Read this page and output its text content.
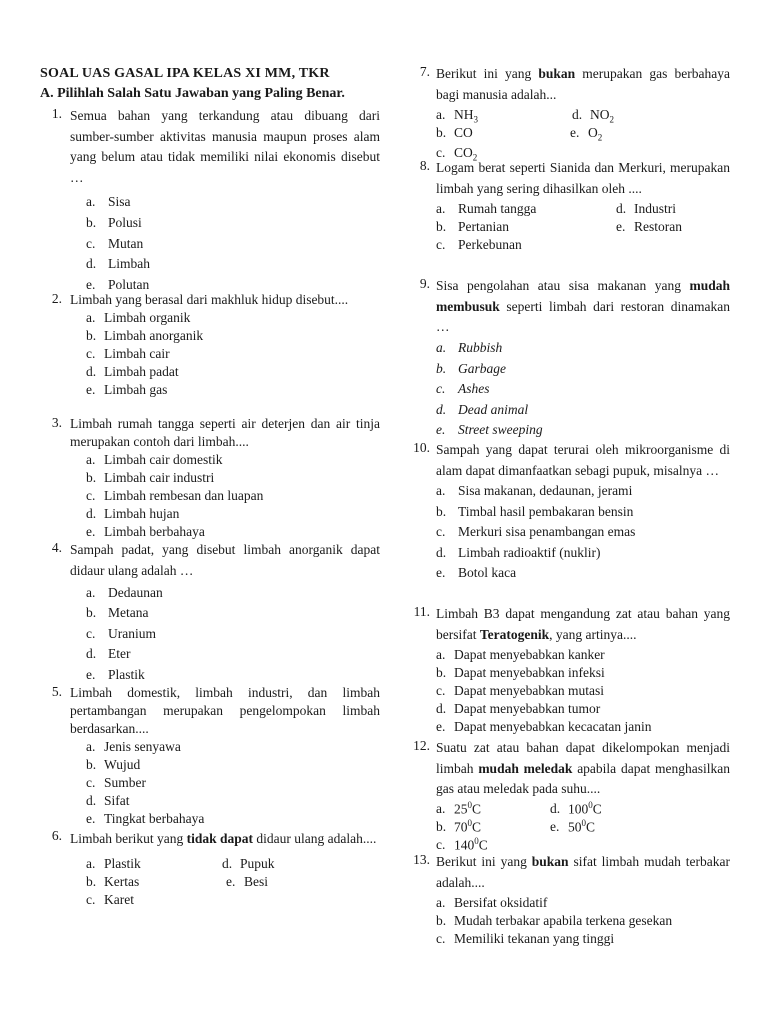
SOAL UAS GASAL IPA KELAS XI MM, TKR
A. Pilihlah Salah Satu Jawaban yang Paling Benar.
1. Semua bahan yang terkandung atau dibuang dari sumber-sumber aktivitas manusia maupun proses alam yang belum atau tidak memiliki nilai ekonomis disebut …
a. Sisa
b. Polusi
c. Mutan
d. Limbah
e. Polutan
2. Limbah yang berasal dari makhluk hidup disebut....
a. Limbah organik
b. Limbah anorganik
c. Limbah cair
d. Limbah padat
e. Limbah gas
3. Limbah rumah tangga seperti air deterjen dan air tinja merupakan contoh dari limbah....
a. Limbah cair domestik
b. Limbah cair industri
c. Limbah rembesan dan luapan
d. Limbah hujan
e. Limbah berbahaya
4. Sampah padat, yang disebut limbah anorganik dapat didaur ulang adalah …
a. Dedaunan
b. Metana
c. Uranium
d. Eter
e. Plastik
5. Limbah domestik, limbah industri, dan limbah pertambangan merupakan pengelompokan limbah berdasarkan....
a. Jenis senyawa
b. Wujud
c. Sumber
d. Sifat
e. Tingkat berbahaya
6. Limbah berikut yang tidak dapat didaur ulang adalah....
a. Plastik
b. Kertas
c. Karet
d. Pupuk
e. Besi
7. Berikut ini yang bukan merupakan gas berbahaya bagi manusia adalah...
a. $NH_3$
b. CO
c. $CO_2$
d. $NO_2$
e. $O_2$
8. Logam berat seperti Sianida dan Merkuri, merupakan limbah yang sering dihasilkan oleh ....
a. Rumah tangga
b. Pertanian
c. Perkebunan
d. Industri
e. Restoran
9. Sisa pengolahan atau sisa makanan yang mudah membusuk seperti limbah dari restoran dinamakan …
a. Rubbish
b. Garbage
c. Ashes
d. Dead animal
e. Street sweeping
10. Sampah yang dapat terurai oleh mikroorganisme di alam dapat dimanfaatkan sebagi pupuk, misalnya …
a. Sisa makanan, dedaunan, jerami
b. Timbal hasil pembakaran bensin
c. Merkuri sisa penambangan emas
d. Limbah radioaktif (nuklir)
e. Botol kaca
11. Limbah B3 dapat mengandung zat atau bahan yang bersifat Teratogenik, yang artinya....
a. Dapat menyebabkan kanker
b. Dapat menyebabkan infeksi
c. Dapat menyebabkan mutasi
d. Dapat menyebabkan tumor
e. Dapat menyebabkan kecacatan janin
12. Suatu zat atau bahan dapat dikelompokan menjadi limbah mudah meledak apabila dapat menghasilkan gas atau meledak pada suhu....
a. $25^0C$
b. $70^0C$
c. $140^0C$
d. $100^0C$
e. $50^0C$
13. Berikut ini yang bukan sifat limbah mudah terbakar adalah....
a. Bersifat oksidatif
b. Mudah terbakar apabila terkena gesekan
c. Memiliki tekanan yang tinggi
